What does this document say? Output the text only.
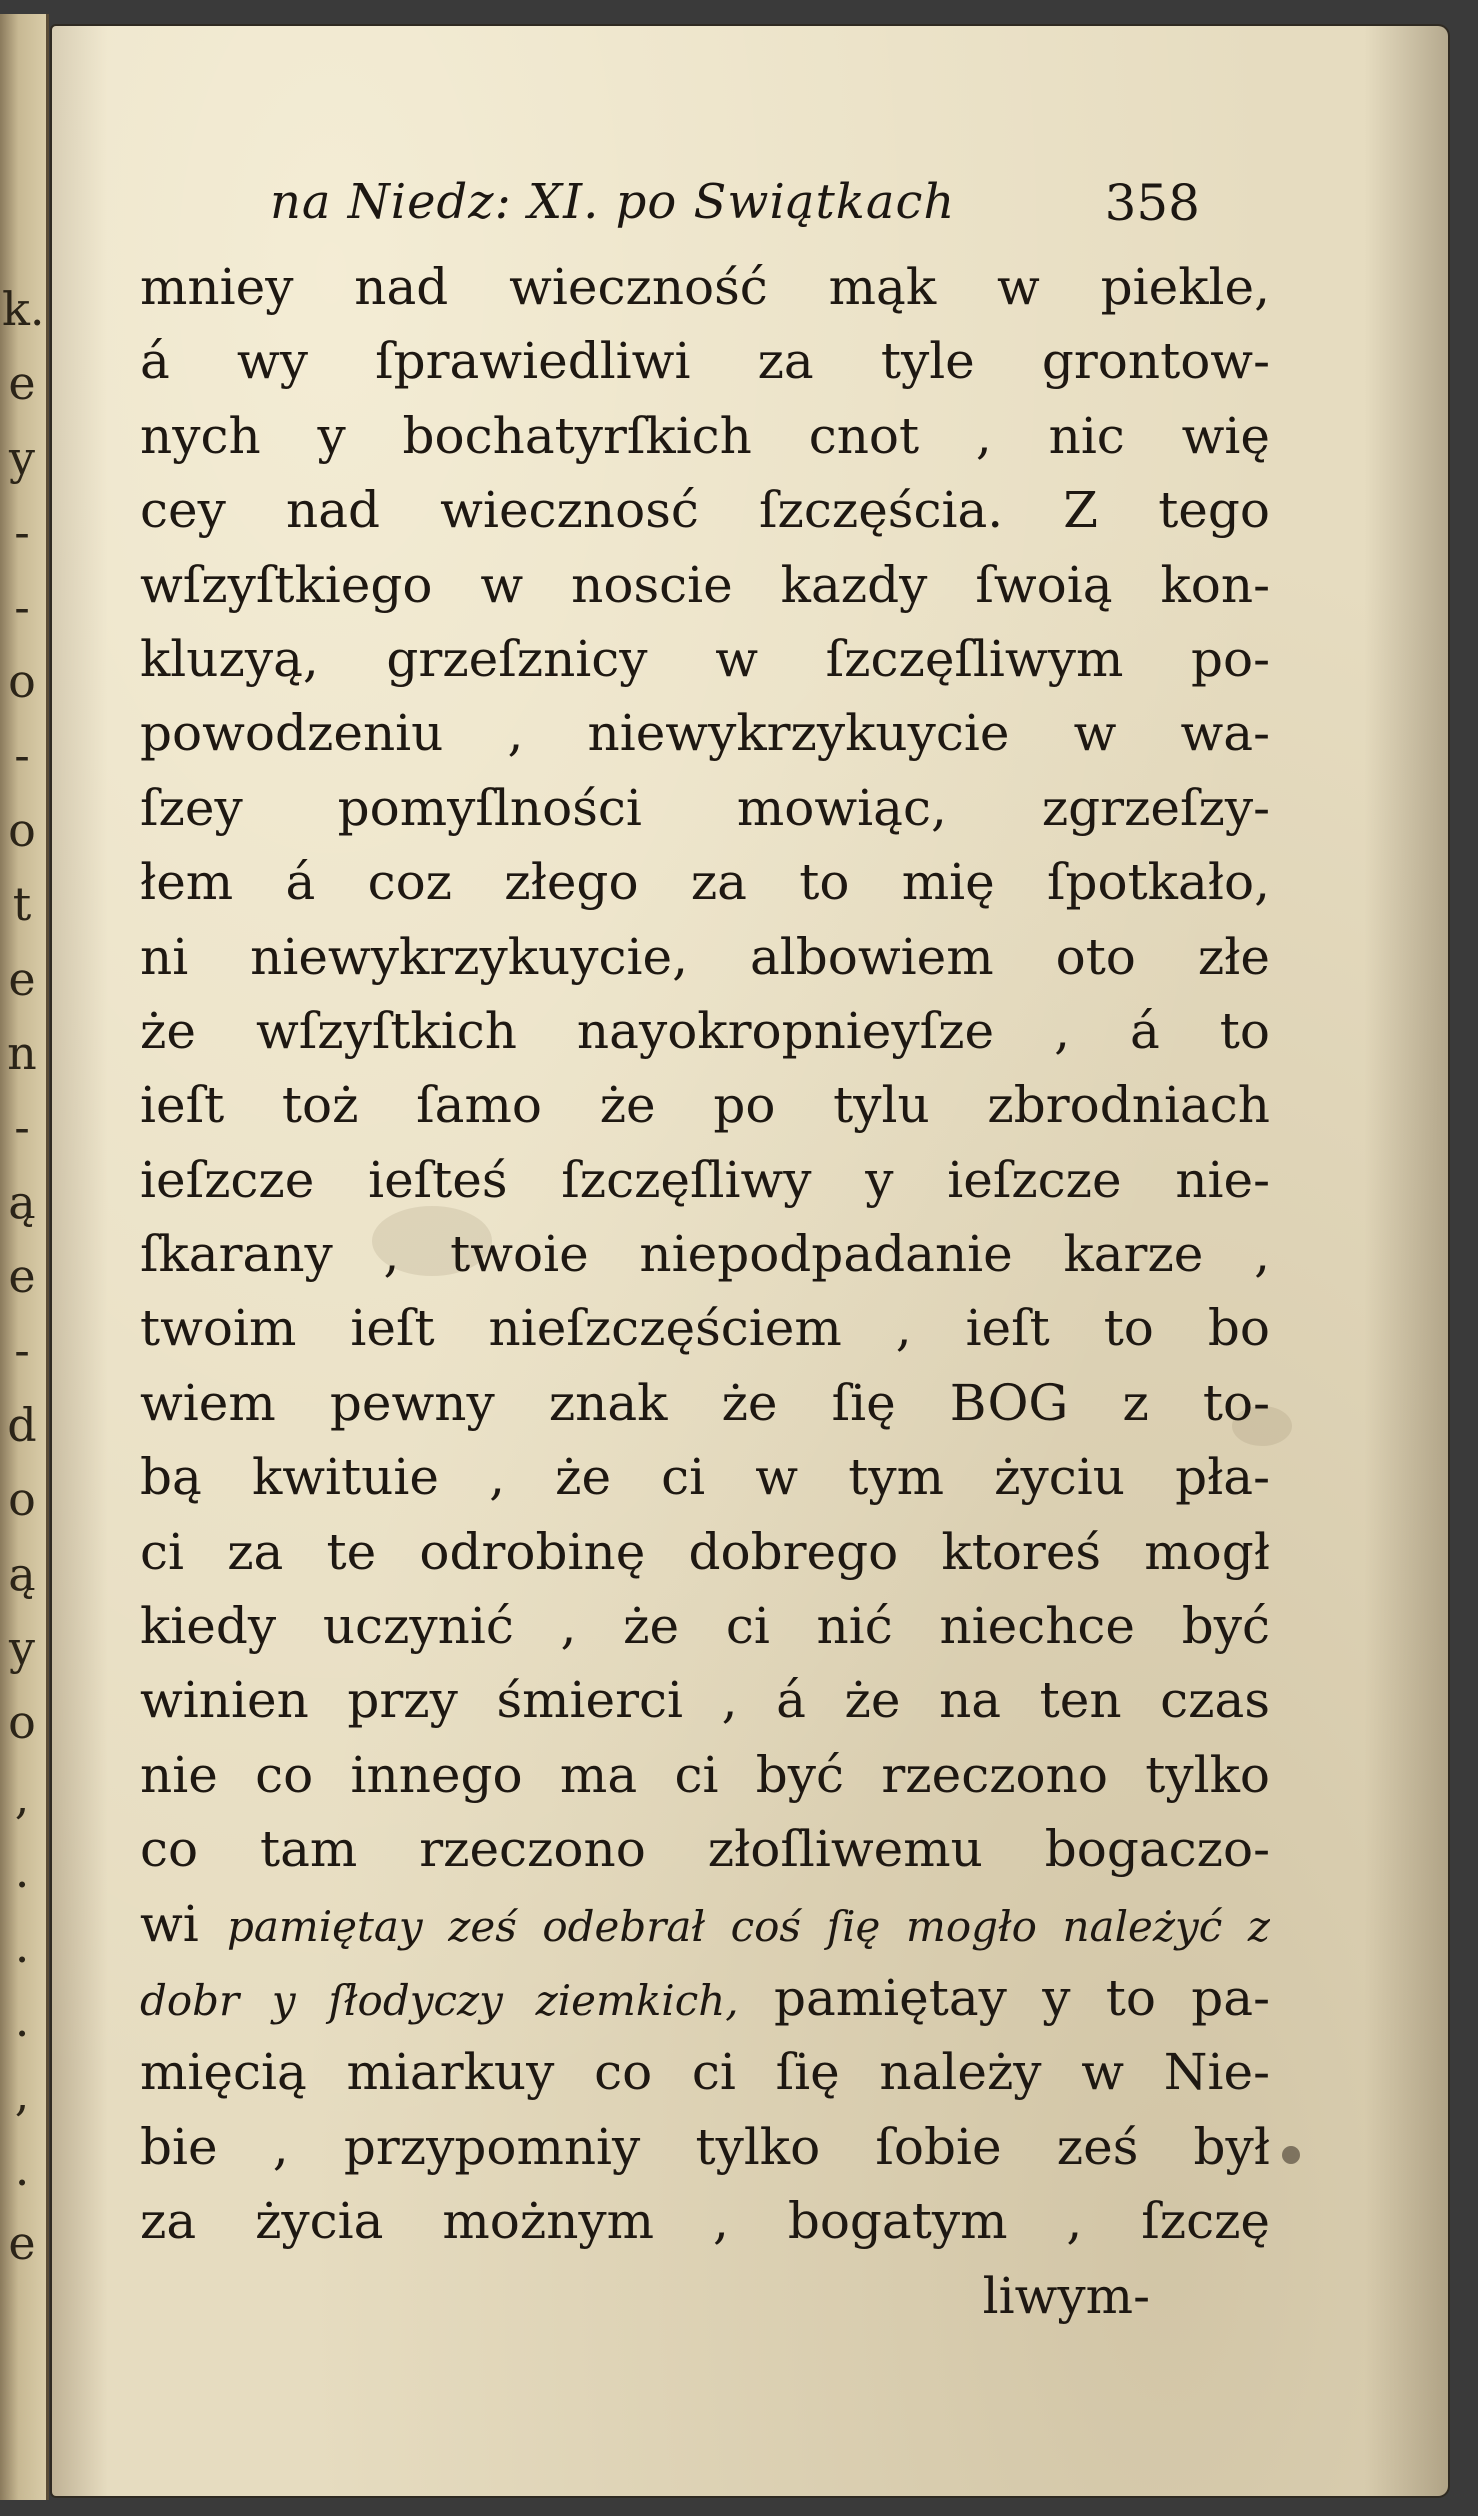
k.
e
y
-
-
o
-
o
t
e
n
-
ą
e
-
d
o
ą
y
o
,
.
.
.
,
.
e
na Niedz: XI. po Swiątkach	358
mniey nad wieczność mąk w piekle,
á wy ſprawiedliwi za tyle grontow-
nych y bochatyrſkich cnot , nic wię
cey nad wiecznosć ſzczęścia. Z tego
wſzyſtkiego w noscie kazdy ſwoią kon-
kluzyą, grzeſznicy w ſzczęſliwym po-
powodzeniu , niewykrzykuycie w wa-
ſzey pomyſlności mowiąc, zgrzeſzy-
łem á coz złego za to mię ſpotkało,
ni niewykrzykuycie, albowiem oto złe
że wſzyſtkich nayokropnieyſze , á to
ieſt toż ſamo że po tylu zbrodniach
ieſzcze ieſteś ſzczęſliwy y ieſzcze nie-
ſkarany , twoie niepodpadanie karze ,
twoim ieſt nieſzczęściem , ieſt to bo
wiem pewny znak że ſię BOG z to-
bą kwituie , że ci w tym życiu pła-
ci za te odrobinę dobrego ktoreś mogł
kiedy uczynić , że ci nić niechce być
winien przy śmierci , á że na ten czas
nie co innego ma ci być rzeczono tylko
co tam rzeczono złoſliwemu bogaczo-
wi pamiętay ześ odebrał coś ſię mogło należyć z
dobr y ſłodyczy ziemkich, pamiętay y to pa-
mięcią miarkuy co ci ſię należy w Nie-
bie , przypomniy tylko ſobie ześ był
za życia możnym , bogatym , ſzczę
liwym-
